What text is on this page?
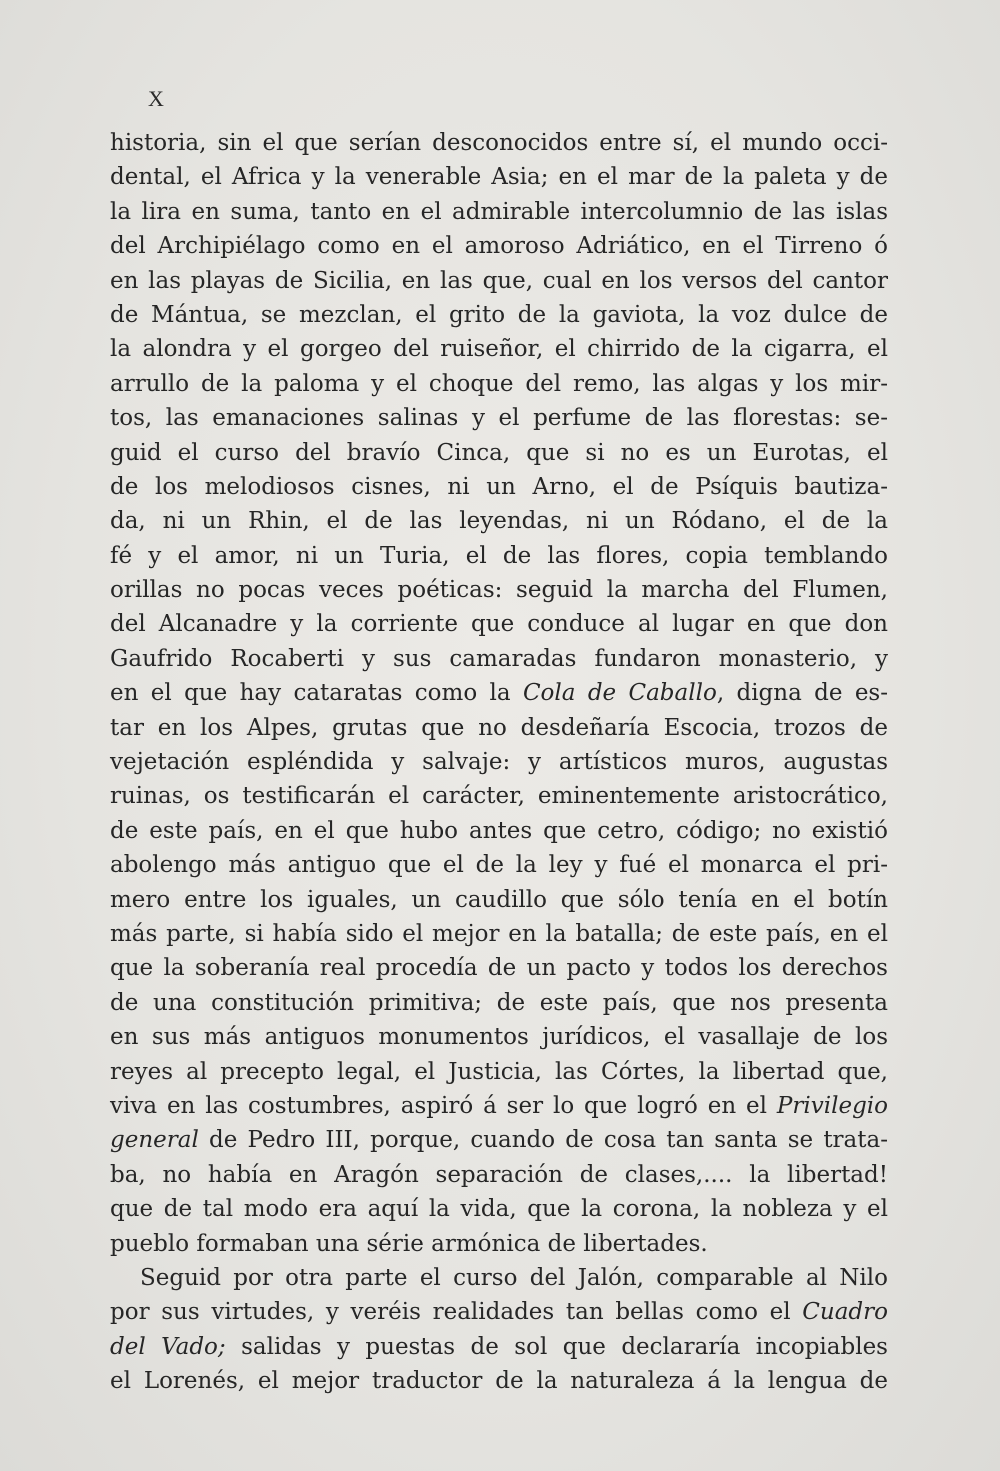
X
historia, sin el que serían desconocidos entre sí, el mundo occi-
dental, el Africa y la venerable Asia; en el mar de la paleta y de
la lira en suma, tanto en el admirable intercolumnio de las islas
del Archipiélago como en el amoroso Adriático, en el Tirreno ó
en las playas de Sicilia, en las que, cual en los versos del cantor
de Mántua, se mezclan, el grito de la gaviota, la voz dulce de
la alondra y el gorgeo del ruiseñor, el chirrido de la cigarra, el
arrullo de la paloma y el choque del remo, las algas y los mir-
tos, las emanaciones salinas y el perfume de las florestas: se-
guid el curso del bravío Cinca, que si no es un Eurotas, el
de los melodiosos cisnes, ni un Arno, el de Psíquis bautiza-
da, ni un Rhin, el de las leyendas, ni un Ródano, el de la
fé y el amor, ni un Turia, el de las flores, copia temblando
orillas no pocas veces poéticas: seguid la marcha del Flumen,
del Alcanadre y la corriente que conduce al lugar en que don
Gaufrido Rocaberti y sus camaradas fundaron monasterio, y
en el que hay cataratas como la Cola de Caballo, digna de es-
tar en los Alpes, grutas que no desdeñaría Escocia, trozos de
vejetación espléndida y salvaje: y artísticos muros, augustas
ruinas, os testificarán el carácter, eminentemente aristocrático,
de este país, en el que hubo antes que cetro, código; no existió
abolengo más antiguo que el de la ley y fué el monarca el pri-
mero entre los iguales, un caudillo que sólo tenía en el botín
más parte, si había sido el mejor en la batalla; de este país, en el
que la soberanía real procedía de un pacto y todos los derechos
de una constitución primitiva; de este país, que nos presenta
en sus más antiguos monumentos jurídicos, el vasallaje de los
reyes al precepto legal, el Justicia, las Córtes, la libertad que,
viva en las costumbres, aspiró á ser lo que logró en el Privilegio
general de Pedro III, porque, cuando de cosa tan santa se trata-
ba, no había en Aragón separación de clases,.... la libertad!
que de tal modo era aquí la vida, que la corona, la nobleza y el
pueblo formaban una série armónica de libertades.
Seguid por otra parte el curso del Jalón, comparable al Nilo
por sus virtudes, y veréis realidades tan bellas como el Cuadro
del Vado; salidas y puestas de sol que declararía incopiables
el Lorenés, el mejor traductor de la naturaleza á la lengua de
